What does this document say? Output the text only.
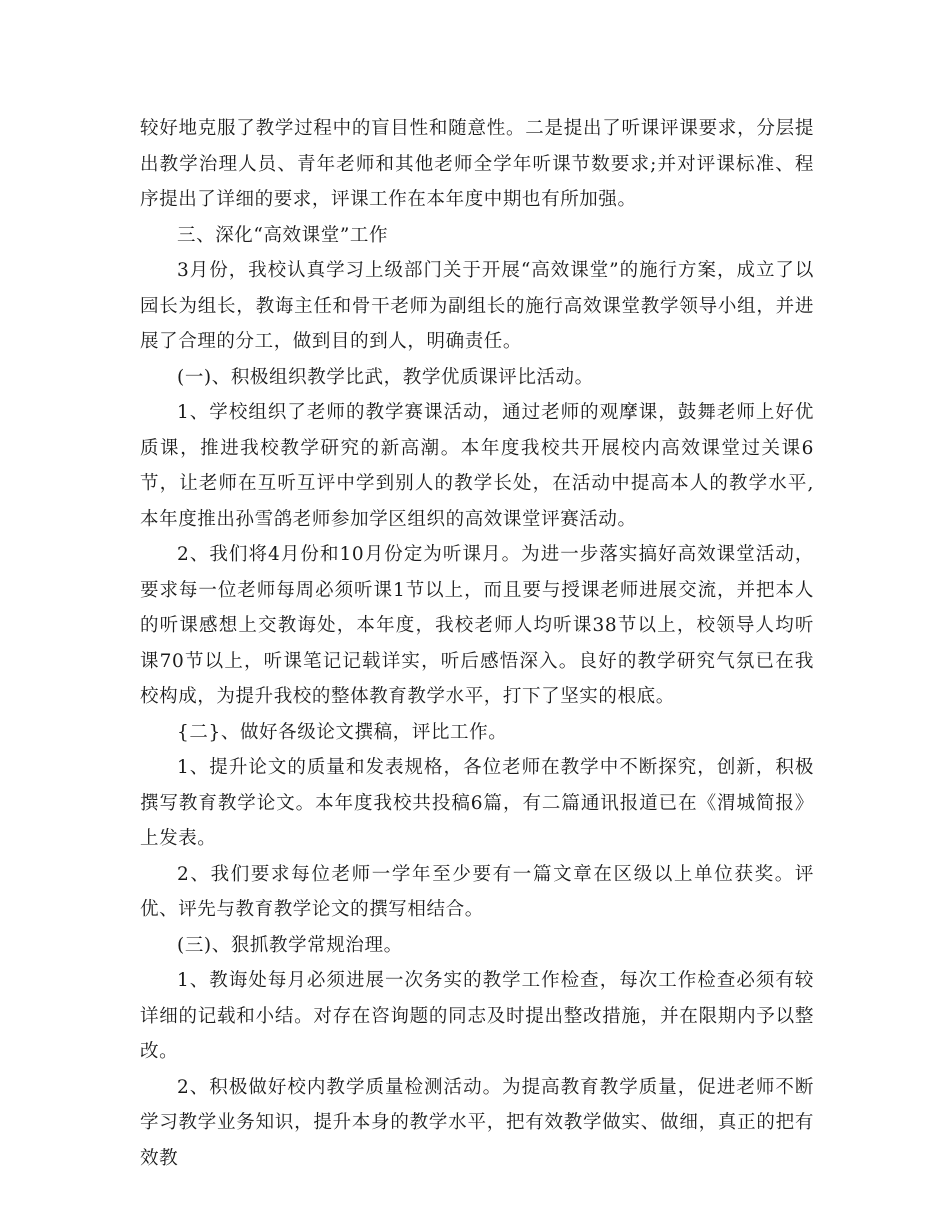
较好地克服了教学过程中的盲目性和随意性。二是提出了听课评课要求，分层提出教学治理人员、青年老师和其他老师全学年听课节数要求;并对评课标准、程序提出了详细的要求，评课工作在本年度中期也有所加强。

三、深化“高效课堂”工作

3月份，我校认真学习上级部门关于开展“高效课堂”的施行方案，成立了以园长为组长，教诲主任和骨干老师为副组长的施行高效课堂教学领导小组，并进展了合理的分工，做到目的到人，明确责任。

(一)、积极组织教学比武，教学优质课评比活动。

1、学校组织了老师的教学赛课活动，通过老师的观摩课，鼓舞老师上好优质课，推进我校教学研究的新高潮。本年度我校共开展校内高效课堂过关课6节，让老师在互听互评中学到别人的教学长处，在活动中提高本人的教学水平,本年度推出孙雪鸽老师参加学区组织的高效课堂评赛活动。

2、我们将4月份和10月份定为听课月。为进一步落实搞好高效课堂活动，要求每一位老师每周必须听课1节以上，而且要与授课老师进展交流，并把本人的听课感想上交教诲处，本年度，我校老师人均听课38节以上，校领导人均听课70节以上，听课笔记记载详实，听后感悟深入。良好的教学研究气氛已在我校构成，为提升我校的整体教育教学水平，打下了坚实的根底。

{二}、做好各级论文撰稿，评比工作。

1、提升论文的质量和发表规格，各位老师在教学中不断探究，创新，积极撰写教育教学论文。本年度我校共投稿6篇，有二篇通讯报道已在《渭城简报》上发表。

2、我们要求每位老师一学年至少要有一篇文章在区级以上单位获奖。评优、评先与教育教学论文的撰写相结合。

(三)、狠抓教学常规治理。

1、教诲处每月必须进展一次务实的教学工作检查，每次工作检查必须有较详细的记载和小结。对存在咨询题的同志及时提出整改措施，并在限期内予以整改。

2、积极做好校内教学质量检测活动。为提高教育教学质量，促进老师不断学习教学业务知识，提升本身的教学水平，把有效教学做实、做细，真正的把有效教
